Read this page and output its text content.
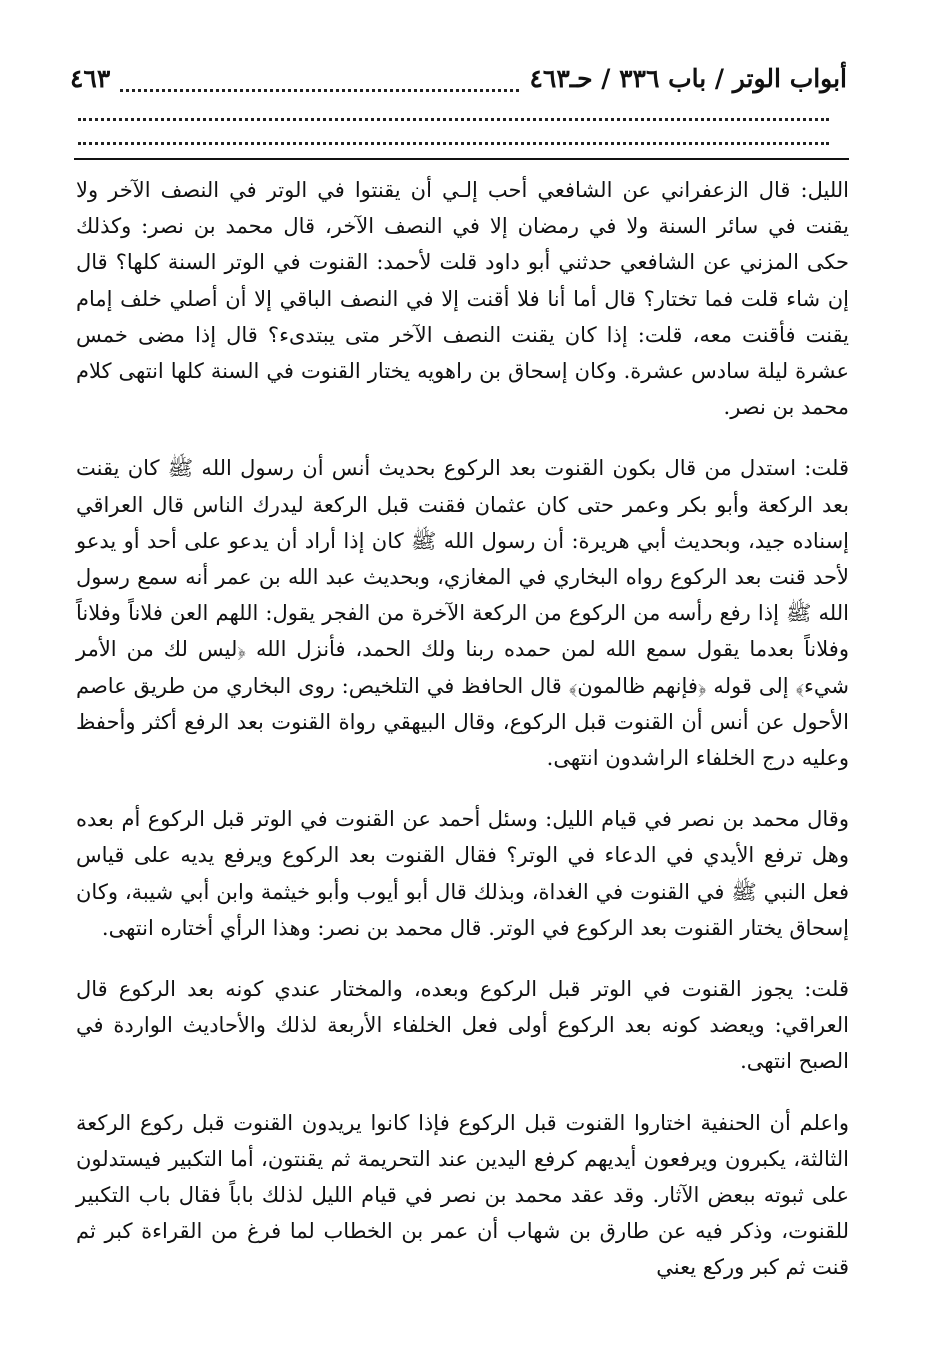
أبواب الوتر / باب ٣٣٦ / حـ٤٦٣
٤٦٣

الليل: قال الزعفراني عن الشافعي أحب إلـي أن يقنتوا في الوتر في النصف الآخر ولا يقنت في سائر السنة ولا في رمضان إلا في النصف الآخر، قال محمد بن نصر: وكذلك حكى المزني عن الشافعي حدثني أبو داود قلت لأحمد: القنوت في الوتر السنة كلها؟ قال إن شاء قلت فما تختار؟ قال أما أنا فلا أقنت إلا في النصف الباقي إلا أن أصلي خلف إمام يقنت فأقنت معه، قلت: إذا كان يقنت النصف الآخر متى يبتدىء؟ قال إذا مضى خمس عشرة ليلة سادس عشرة. وكان إسحاق بن راهويه يختار القنوت في السنة كلها انتهى كلام محمد بن نصر.

قلت: استدل من قال بكون القنوت بعد الركوع بحديث أنس أن رسول الله ﷺ كان يقنت بعد الركعة وأبو بكر وعمر حتى كان عثمان فقنت قبل الركعة ليدرك الناس قال العراقي إسناده جيد، وبحديث أبي هريرة: أن رسول الله ﷺ كان إذا أراد أن يدعو على أحد أو يدعو لأحد قنت بعد الركوع رواه البخاري في المغازي، وبحديث عبد الله بن عمر أنه سمع رسول الله ﷺ إذا رفع رأسه من الركوع من الركعة الآخرة من الفجر يقول: اللهم العن فلاناً وفلاناً وفلاناً بعدما يقول سمع الله لمن حمده ربنا ولك الحمد، فأنزل الله ﴿ليس لك من الأمر شيء﴾ إلى قوله ﴿فإنهم ظالمون﴾ قال الحافظ في التلخيص: روى البخاري من طريق عاصم الأحول عن أنس أن القنوت قبل الركوع، وقال البيهقي رواة القنوت بعد الرفع أكثر وأحفظ وعليه درج الخلفاء الراشدون انتهى.

وقال محمد بن نصر في قيام الليل: وسئل أحمد عن القنوت في الوتر قبل الركوع أم بعده وهل ترفع الأيدي في الدعاء في الوتر؟ فقال القنوت بعد الركوع ويرفع يديه على قياس فعل النبي ﷺ في القنوت في الغداة، وبذلك قال أبو أيوب وأبو خيثمة وابن أبي شيبة، وكان إسحاق يختار القنوت بعد الركوع في الوتر. قال محمد بن نصر: وهذا الرأي أختاره انتهى.

قلت: يجوز القنوت في الوتر قبل الركوع وبعده، والمختار عندي كونه بعد الركوع قال العراقي: ويعضد كونه بعد الركوع أولى فعل الخلفاء الأربعة لذلك والأحاديث الواردة في الصبح انتهى.

واعلم أن الحنفية اختاروا القنوت قبل الركوع فإذا كانوا يريدون القنوت قبل ركوع الركعة الثالثة، يكبرون ويرفعون أيديهم كرفع اليدين عند التحريمة ثم يقنتون، أما التكبير فيستدلون على ثبوته ببعض الآثار. وقد عقد محمد بن نصر في قيام الليل لذلك باباً فقال باب التكبير للقنوت، وذكر فيه عن طارق بن شهاب أن عمر بن الخطاب لما فرغ من القراءة كبر ثم قنت ثم كبر وركع يعني
